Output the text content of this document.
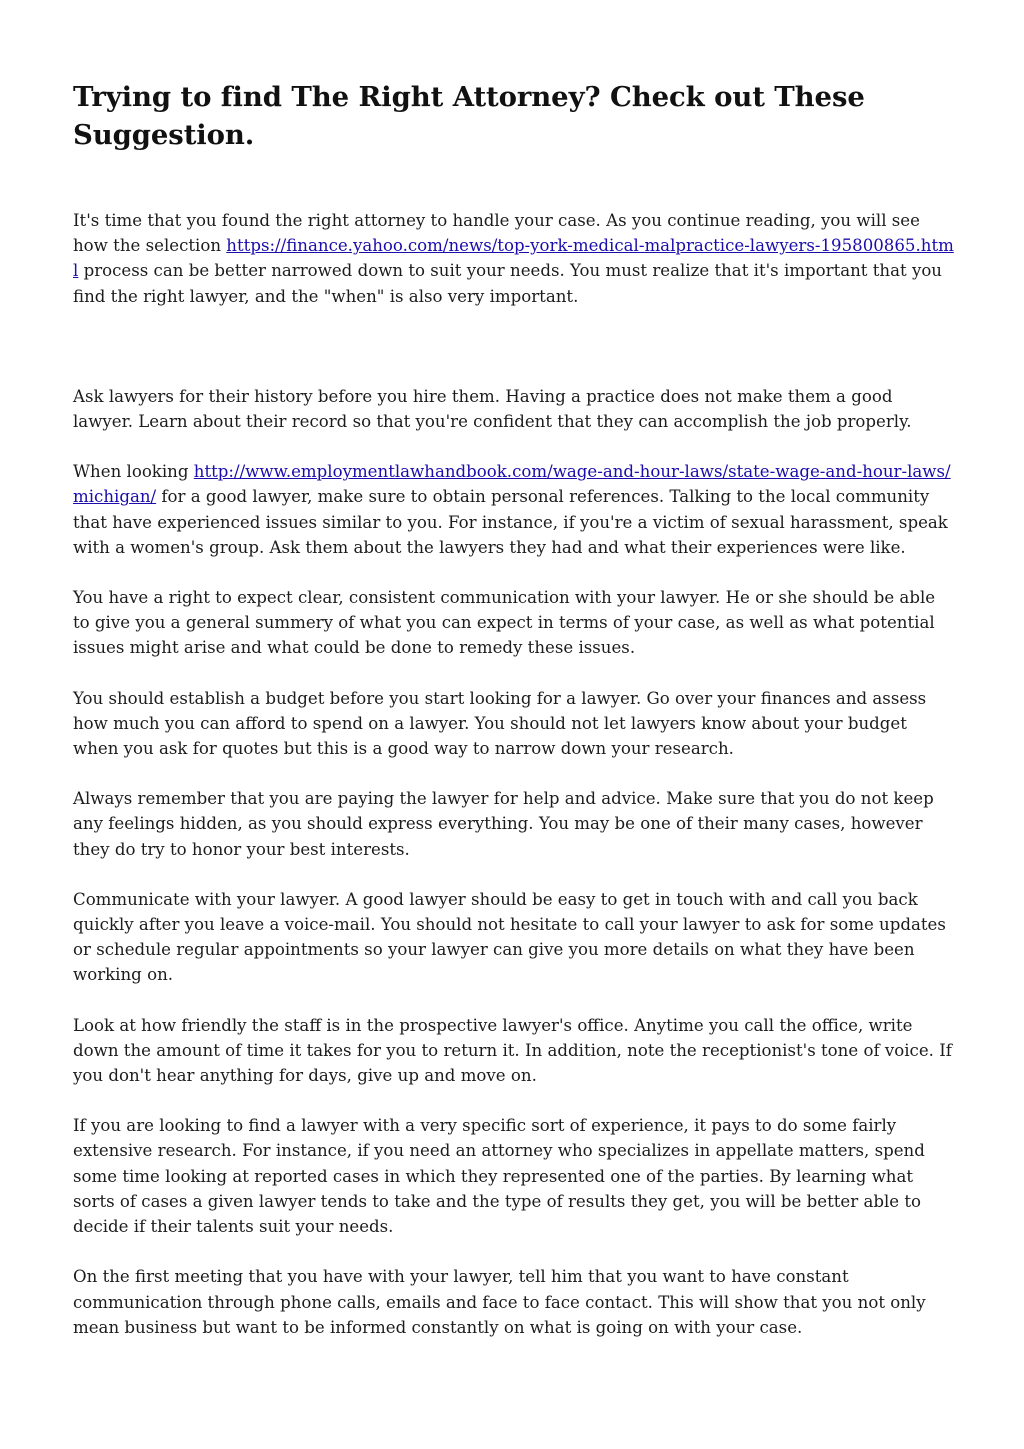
Trying to find The Right Attorney? Check out These Suggestion.

It's time that you found the right attorney to handle your case. As you continue reading, you will see how the selection https://finance.yahoo.com/news/top-york-medical-malpractice-lawyers-195800865.html process can be better narrowed down to suit your needs. You must realize that it's important that you find the right lawyer, and the "when" is also very important.

Ask lawyers for their history before you hire them. Having a practice does not make them a good lawyer. Learn about their record so that you're confident that they can accomplish the job properly.

When looking http://www.employmentlawhandbook.com/wage-and-hour-laws/state-wage-and-hour-laws/michigan/ for a good lawyer, make sure to obtain personal references. Talking to the local community that have experienced issues similar to you. For instance, if you're a victim of sexual harassment, speak with a women's group. Ask them about the lawyers they had and what their experiences were like.

You have a right to expect clear, consistent communication with your lawyer. He or she should be able to give you a general summery of what you can expect in terms of your case, as well as what potential issues might arise and what could be done to remedy these issues.

You should establish a budget before you start looking for a lawyer. Go over your finances and assess how much you can afford to spend on a lawyer. You should not let lawyers know about your budget when you ask for quotes but this is a good way to narrow down your research.

Always remember that you are paying the lawyer for help and advice. Make sure that you do not keep any feelings hidden, as you should express everything. You may be one of their many cases, however they do try to honor your best interests.

Communicate with your lawyer. A good lawyer should be easy to get in touch with and call you back quickly after you leave a voice-mail. You should not hesitate to call your lawyer to ask for some updates or schedule regular appointments so your lawyer can give you more details on what they have been working on.

Look at how friendly the staff is in the prospective lawyer's office. Anytime you call the office, write down the amount of time it takes for you to return it. In addition, note the receptionist's tone of voice. If you don't hear anything for days, give up and move on.

If you are looking to find a lawyer with a very specific sort of experience, it pays to do some fairly extensive research. For instance, if you need an attorney who specializes in appellate matters, spend some time looking at reported cases in which they represented one of the parties. By learning what sorts of cases a given lawyer tends to take and the type of results they get, you will be better able to decide if their talents suit your needs.

On the first meeting that you have with your lawyer, tell him that you want to have constant communication through phone calls, emails and face to face contact. This will show that you not only mean business but want to be informed constantly on what is going on with your case.
